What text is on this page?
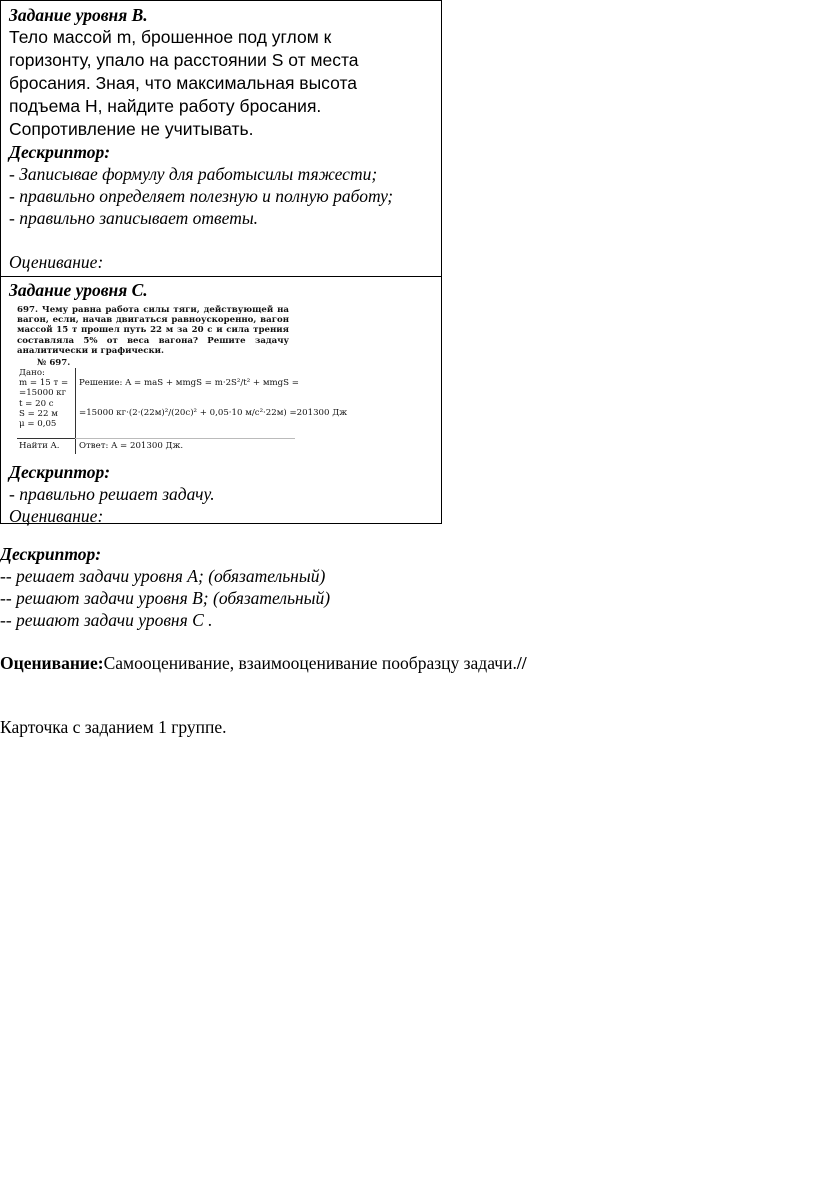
Задание уровня В.
Тело массой m, брошенное под углом к
горизонту, упало на расстоянии S от места
бросания. Зная, что максимальная высота
подъема Н, найдите работу бросания.
Сопротивление не учитывать.
Дескриптор:
- Записывае формулу для работысилы тяжести;
- правильно определяет полезную и полную работу;
- правильно записывает ответы.
Оценивание:
Задание уровня С.
697. Чему равна работа силы тяги, действующей на вагон, если, начав двигаться равноускоренно, вагон массой 15 т прошел путь 22 м за 20 с и сила трения составляла 5% от веса вагона? Решите задачу аналитически и графически.
№ 697.
Дано:
m = 15 т =
=15000 кг
t = 20 с
S = 22 м
μ = 0,05
Решение: A = maS + мmgS = m·2S²/t² + мmgS =
=15000 кг·(2·(22м)²/(20с)² + 0,05·10 м/с²·22м) =201300 Дж
Найти A. Ответ: A = 201300 Дж.
Дескриптор:
- правильно решает задачу.
Оценивание:
Дескриптор:
-- решает задачи уровня А; (обязательный)
-- решают задачи уровня В; (обязательный)
-- решают задачи уровня С .
Оценивание:Самооценивание, взаимооценивание пообразцу задачи.//
Карточка с заданием 1 группе.
